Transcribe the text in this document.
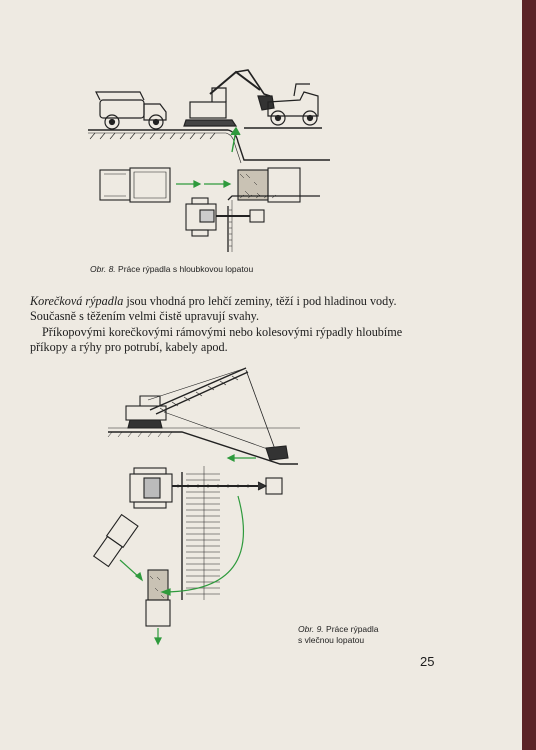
Obr. 8. Práce rýpadla s hloubkovou lopatou

Korečková rýpadla jsou vhodná pro lehčí zeminy, těží i pod hladinou vody. Současně s těžením velmi čistě upravují svahy.

Příkopovými korečkovými rámovými nebo kolesovými rýpadly hloubíme příkopy a rýhy pro potrubí, kabely apod.

Obr. 9. Práce rýpadla
s vlečnou lopatou
25
